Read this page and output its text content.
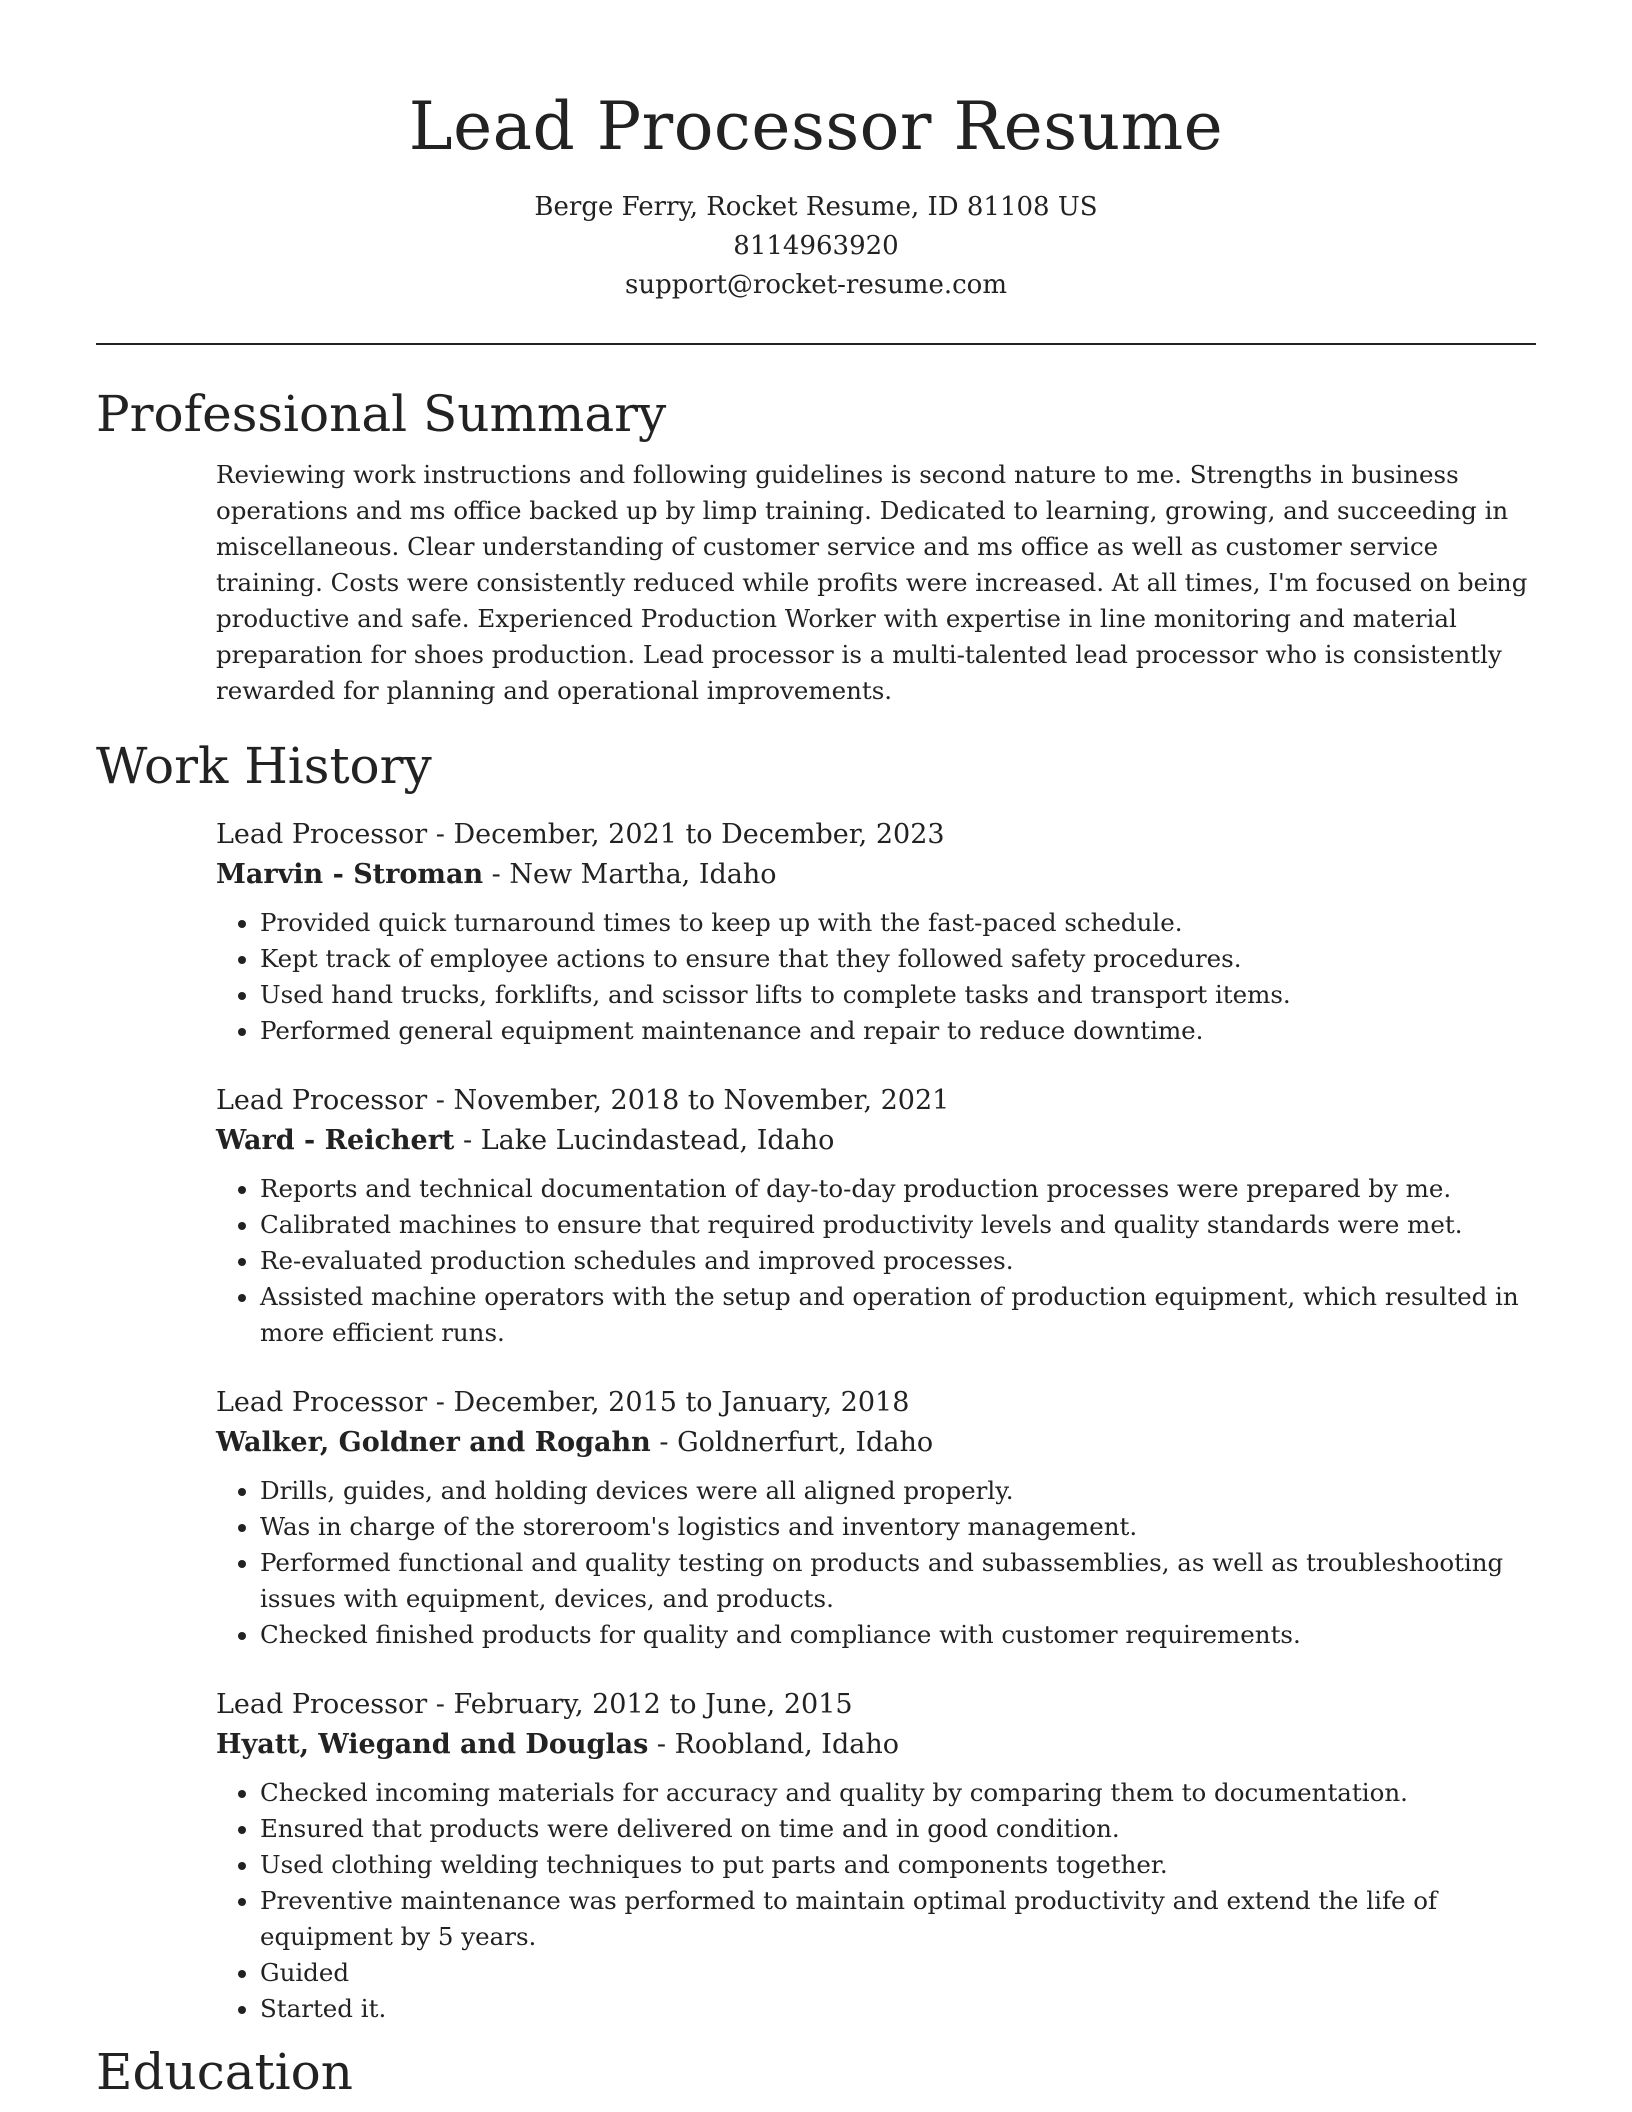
Lead Processor Resume
Berge Ferry, Rocket Resume, ID 81108 US
8114963920
support@rocket-resume.com
Professional Summary

Reviewing work instructions and following guidelines is second nature to me. Strengths in business operations and ms office backed up by limp training. Dedicated to learning, growing, and succeeding in miscellaneous. Clear understanding of customer service and ms office as well as customer service training. Costs were consistently reduced while profits were increased. At all times, I'm focused on being productive and safe. Experienced Production Worker with expertise in line monitoring and material preparation for shoes production. Lead processor is a multi-talented lead processor who is consistently rewarded for planning and operational improvements.

Work History
Lead Processor - December, 2021 to December, 2023
Marvin - Stroman - New Martha, Idaho
• Provided quick turnaround times to keep up with the fast-paced schedule.
• Kept track of employee actions to ensure that they followed safety procedures.
• Used hand trucks, forklifts, and scissor lifts to complete tasks and transport items.
• Performed general equipment maintenance and repair to reduce downtime.
Lead Processor - November, 2018 to November, 2021
Ward - Reichert - Lake Lucindastead, Idaho
• Reports and technical documentation of day-to-day production processes were prepared by me.
• Calibrated machines to ensure that required productivity levels and quality standards were met.
• Re-evaluated production schedules and improved processes.
• Assisted machine operators with the setup and operation of production equipment, which resulted in more efficient runs.
Lead Processor - December, 2015 to January, 2018
Walker, Goldner and Rogahn - Goldnerfurt, Idaho
• Drills, guides, and holding devices were all aligned properly.
• Was in charge of the storeroom's logistics and inventory management.
• Performed functional and quality testing on products and subassemblies, as well as troubleshooting issues with equipment, devices, and products.
• Checked finished products for quality and compliance with customer requirements.
Lead Processor - February, 2012 to June, 2015
Hyatt, Wiegand and Douglas - Roobland, Idaho
• Checked incoming materials for accuracy and quality by comparing them to documentation.
• Ensured that products were delivered on time and in good condition.
• Used clothing welding techniques to put parts and components together.
• Preventive maintenance was performed to maintain optimal productivity and extend the life of equipment by 5 years.
• Guided
• Started it.
Education
